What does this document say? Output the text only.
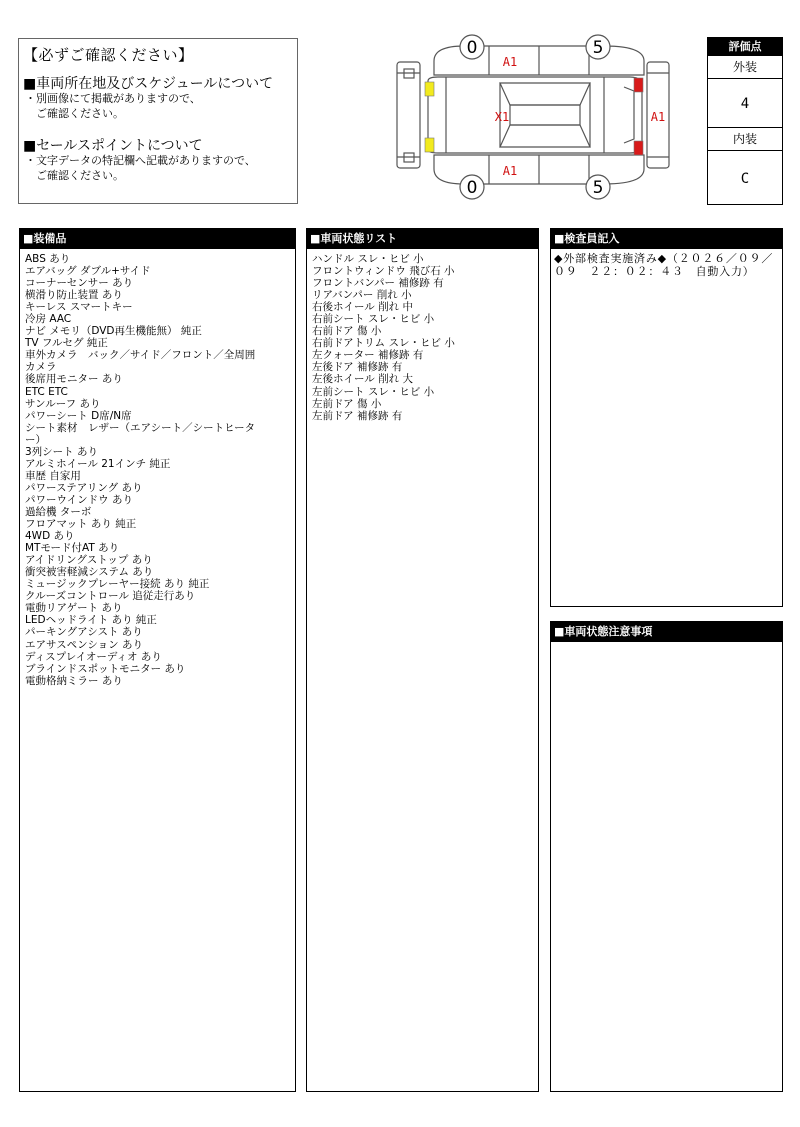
【必ずご確認ください】
■車両所在地及びスケジュールについて
・別画像にて掲載がありますので、
　ご確認ください。
■セールスポイントについて
・文字データの特記欄へ記載がありますので、
　ご確認ください。
0	5
0	5
A1
X1	A1
A1
評価点
外装
4
内装
C
■装備品
ABS あり
エアバッグ ダブル+サイド
コーナーセンサー あり
横滑り防止装置 あり
キーレス スマートキー
冷房 AAC
ナビ メモリ（DVD再生機能無） 純正
TV フルセグ 純正
車外カメラ　バック／サイド／フロント／全周囲
カメラ
後席用モニター あり
ETC ETC
サンルーフ あり
パワーシート D席/N席
シート素材　レザー（エアシート／シートヒータ
ー）
3列シート あり
アルミホイール 21インチ 純正
車歴 自家用
パワーステアリング あり
パワーウインドウ あり
過給機 ターボ
フロアマット あり 純正
4WD あり
MTモード付AT あり
アイドリングストップ あり
衝突被害軽減システム あり
ミュージックプレーヤー接続 あり 純正
クルーズコントロール 追従走行あり
電動リアゲート あり
LEDヘッドライト あり 純正
パーキングアシスト あり
エアサスペンション あり
ディスプレイオーディオ あり
ブラインドスポットモニター あり
電動格納ミラー あり
■車両状態リスト
ハンドル スレ・ヒビ 小
フロントウィンドウ 飛び石 小
フロントバンパー 補修跡 有
リアバンパー 削れ 小
右後ホイール 削れ 中
右前シート スレ・ヒビ 小
右前ドア 傷 小
右前ドアトリム スレ・ヒビ 小
左クォーター 補修跡 有
左後ドア 補修跡 有
左後ホイール 削れ 大
左前シート スレ・ヒビ 小
左前ドア 傷 小
左前ドア 補修跡 有
■検査員記入
◆外部検査実施済み◆（２０２６／０９／０９　２２：０２：４３　自動入力）
■車両状態注意事項
